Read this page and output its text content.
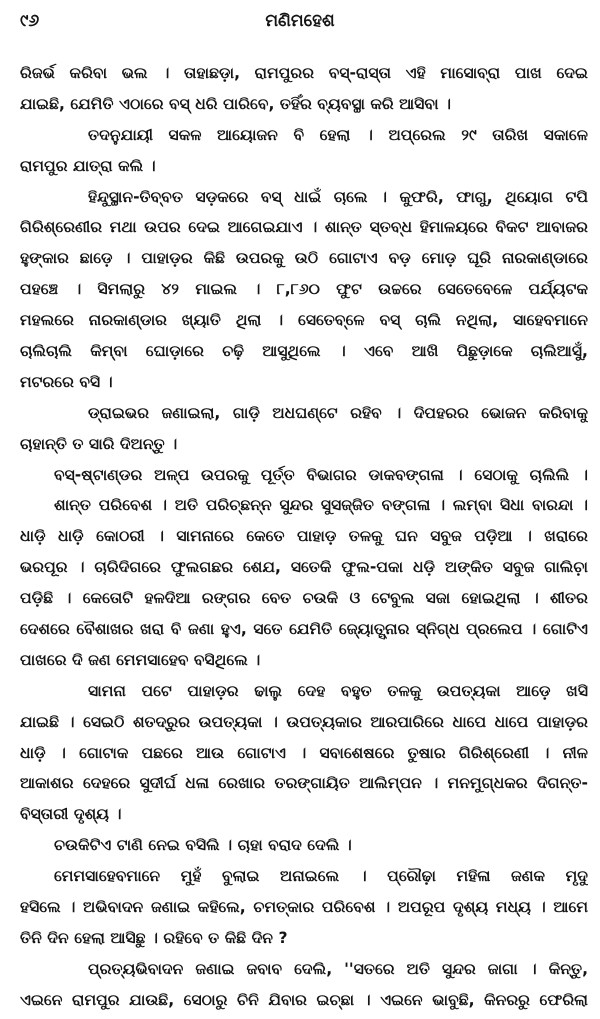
୯୬	ମଣିମହେଶ
ରିଜର୍ଭ କରିବା ଭଲ । ତାହାଛଡ଼ା, ରାମପୁରର ବସ୍-ରାସ୍ତା ଏହି ମାସୋବ୍ରା ପାଖ ଦେଇ
ଯାଇଛି, ଯେମିତି ଏଠାରେ ବସ୍ ଧରି ପାରିବେ, ତହିଁର ବ୍ୟବସ୍ଥା କରି ଆସିବା ।
ତଦନୁଯାୟୀ ସକଳ ଆୟୋଜନ ବି ହେଲା । ଅପ୍ରେଲ ୨୯ ତାରିଖ ସକାଳେ
ରାମପୁର ଯାତ୍ରା କଲି ।
ହିନ୍ଦୁସ୍ଥାନ-ତିବ୍ବତ ସଡ଼କରେ ବସ୍ ଧାଇଁ ଚାଲେ । କୁଫରି, ଫାଗୁ, ଥିୟୋଗ ଟପି
ଗିରିଶ୍ରେଣୀର ମଥା ଉପର ଦେଇ ଆଗେଇଯାଏ । ଶାନ୍ତ ସ୍ତବ୍ଧ ହିମାଳୟରେ ବିକଟ ଆବାଜର
ହୁଙ୍କାର ଛାଡ଼େ । ପାହାଡ଼ର କିଛି ଉପରକୁ ଉଠି ଗୋଟାଏ ବଡ଼ ମୋଡ଼ ଘୂରି ନାରକାଣ୍ଡାରେ
ପହଞ୍ଚେ । ସିମଲାରୁ ୪୨ ମାଇଲ । ୮,୮୬୦ ଫୁଟ ଉଚ୍ଚରେ ସେତେବେଳେ ପର୍ଯ୍ୟଟକ
ମହଲରେ ନାରକାଣ୍ଡାର ଖ୍ୟାତି ଥିଲା । ସେତେବ୍ଳେ ବସ୍ ଚାଲି ନଥିଲା, ସାହେବମାନେ
ଚାଲିଚାଲି କିମ୍ବା ଘୋଡ଼ାରେ ଚଢ଼ି ଆସୁଥିଲେ । ଏବେ ଆଖି ପିଛୁଡ଼ାକେ ଚାଲିଆସୁଁ,
ମଟରରେ ବସି ।
ଡ୍ରାଇଭର ଜଣାଇଲା, ଗାଡ଼ି ଅଧଘଣ୍ଟେ ରହିବ । ଦିପହରର ଭୋଜନ କରିବାକୁ
ଚାହାନ୍ତି ତ ସାରି ଦିଅନ୍ତୁ ।
ବସ୍-ଷ୍ଟାଣ୍ଡର ଅଳ୍ପ ଉପରକୁ ପୂର୍ତ୍ତ ବିଭାଗର ଡାକବଙ୍ଗଳା । ସେଠାକୁ ଚାଲିଲି ।
ଶାନ୍ତ ପରିବେଶ । ଅତି ପରିଚ୍ଛନ୍ନ ସୁନ୍ଦର ସୁସଜ୍ଜିତ ବଙ୍ଗଳା । ଲମ୍ବା ସିଧା ବାରନ୍ଦା ।
ଧାଡ଼ି ଧାଡ଼ି କୋଠରୀ । ସାମନାରେ କେତେ ପାହାଡ଼ ତଳକୁ ଘନ ସବୁଜ ପଡ଼ିଆ । ଖରାରେ
ଭରପୂର । ଚାରିଦିଗରେ ଫୁଲଗଛର ଶେଯ, ସତେକି ଫୁଲ-ପକା ଧଡ଼ି ଅଙ୍କିତ ସବୁଜ ଗାଲିଚ଼ା
ପଡ଼ିଛି । କେତୋଟି ହଳଦିଆ ରଙ୍ଗର ବେତ ଚଉକି ଓ ଟେବୁଲ ସଜା ହୋଇଥିଲା । ଶୀତର
ଦେଶରେ ବୈଶାଖର ଖରା ବି ଜଣା ହୁଏ, ସତେ ଯେମିତି ଜ୍ୟୋତ୍ସ୍ନାର ସ୍ନିଗ୍ଧ ପ୍ରଲେପ । ଗୋଟିଏ
ପାଖରେ ଦି ଜଣ ମେମସାହେବ ବସିଥିଲେ ।
ସାମନା ପଟେ ପାହାଡ଼ର ଢାଲୁ ଦେହ ବହୁତ ତଳକୁ ଉପତ୍ୟକା ଆଡ଼େ ଖସି
ଯାଇଛି । ସେଇଠି ଶତଦ୍ରୁର ଉପତ୍ୟକା । ଉପତ୍ୟକାର ଆରପାରିରେ ଧାପେ ଧାପେ ପାହାଡ଼ର
ଧାଡ଼ି । ଗୋଟାକ ପଛରେ ଆଉ ଗୋଟାଏ । ସବାଶେଷରେ ତୁଷାର ଗିରିଶ୍ରେଣୀ । ନୀଳ
ଆକାଶର ଦେହରେ ସୁଦୀର୍ଘ ଧଳା ରେଖାର ତରଙ୍ଗାୟିତ ଆଲିମ୍ପନ । ମନମୁଗ୍ଧକର ଦିଗନ୍ତ-
ବିସ୍ତାରୀ ଦୃଶ୍ୟ ।
ଚଉକିଟିଏ ଟାଣି ନେଇ ବସିଲି । ଚାହା ବରାଦ ଦେଲି ।
ମେମସାହେବମାନେ ମୁହଁ ବୁଲାଇ ଅନାଇଲେ । ପ୍ରୌଢ଼ା ମହିଳା ଜଣକ ମୃଦୁ
ହସିଲେ । ଅଭିବାଦନ ଜଣାଇ କହିଲେ, ଚମତ୍କାର ପରିବେଶ । ଅପରୂପ ଦୃଶ୍ୟ ମଧ୍ୟ । ଆମେ
ତିନି ଦିନ ହେଲା ଆସିଛୁ । ରହିବେ ତ କିଛି ଦିନ ?
ପ୍ରତ୍ୟଭିବାଦନ ଜଣାଇ ଜବାବ ଦେଲି, ''ସତରେ ଅତି ସୁନ୍ଦର ଜାଗା । କିନ୍ତୁ,
ଏଇନେ ରାମପୁର ଯାଉଛି, ସେଠାରୁ ଚିନି ଯିବାର ଇଚ୍ଛା । ଏଇନେ ଭାବୁଛି, କିନରରୁ ଫେରିଲା
